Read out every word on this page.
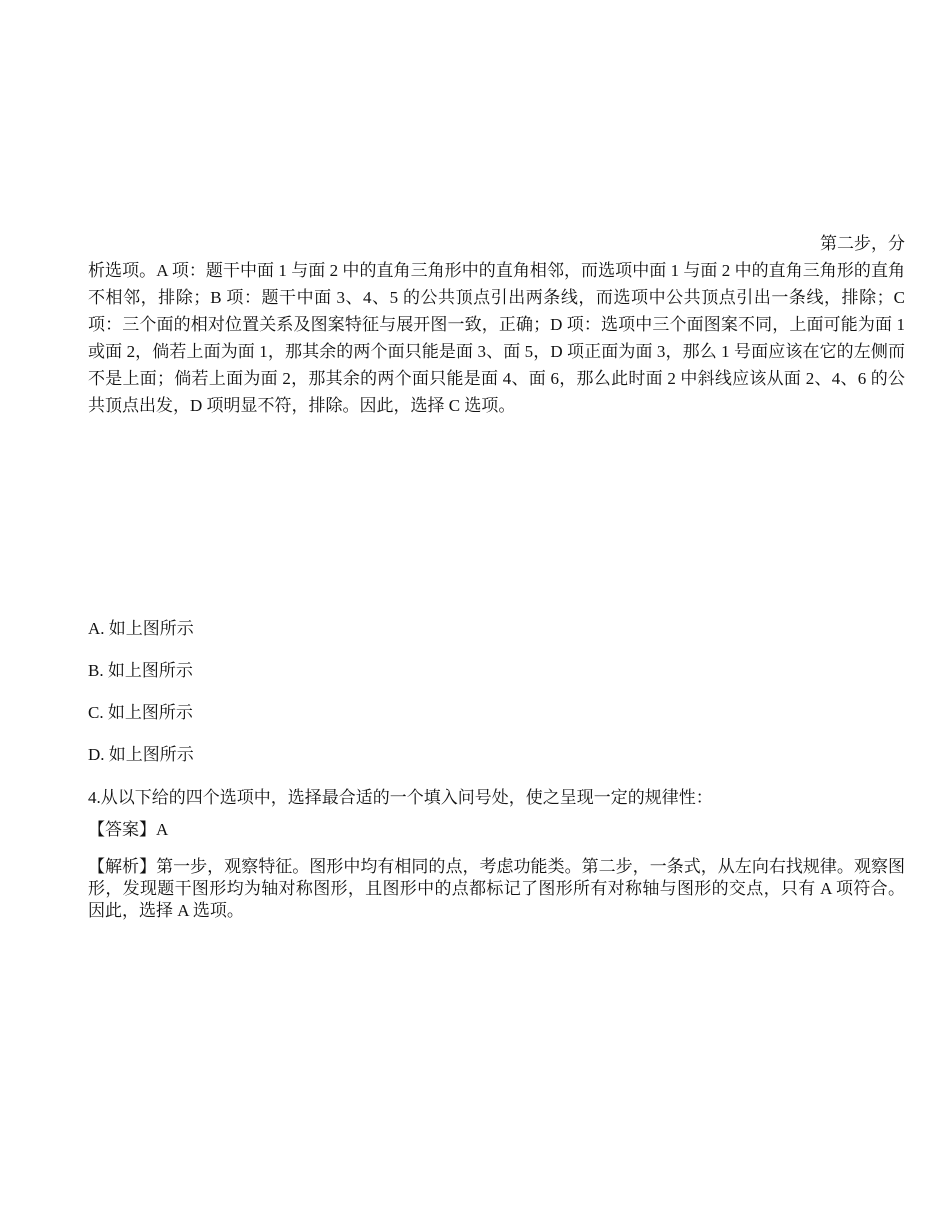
第二步，分
析选项。A 项：题干中面 1 与面 2 中的直角三角形中的直角相邻，而选项中面 1 与面 2 中的直角三角形的直角不相邻，排除；B 项：题干中面 3、4、5 的公共顶点引出两条线，而选项中公共顶点引出一条线，排除；C 项：三个面的相对位置关系及图案特征与展开图一致，正确；D 项：选项中三个面图案不同，上面可能为面 1 或面 2，倘若上面为面 1，那其余的两个面只能是面 3、面 5，D 项正面为面 3，那么 1 号面应该在它的左侧而不是上面；倘若上面为面 2，那其余的两个面只能是面 4、面 6，那么此时面 2 中斜线应该从面 2、4、6 的公共顶点出发，D 项明显不符，排除。因此，选择 C 选项。
A. 如上图所示
B. 如上图所示
C. 如上图所示
D. 如上图所示
4.从以下给的四个选项中，选择最合适的一个填入问号处，使之呈现一定的规律性：
【答案】A
【解析】第一步，观察特征。图形中均有相同的点，考虑功能类。第二步，一条式，从左向右找规律。观察图形，发现题干图形均为轴对称图形，且图形中的点都标记了图形所有对称轴与图形的交点，只有 A 项符合。因此，选择 A 选项。
